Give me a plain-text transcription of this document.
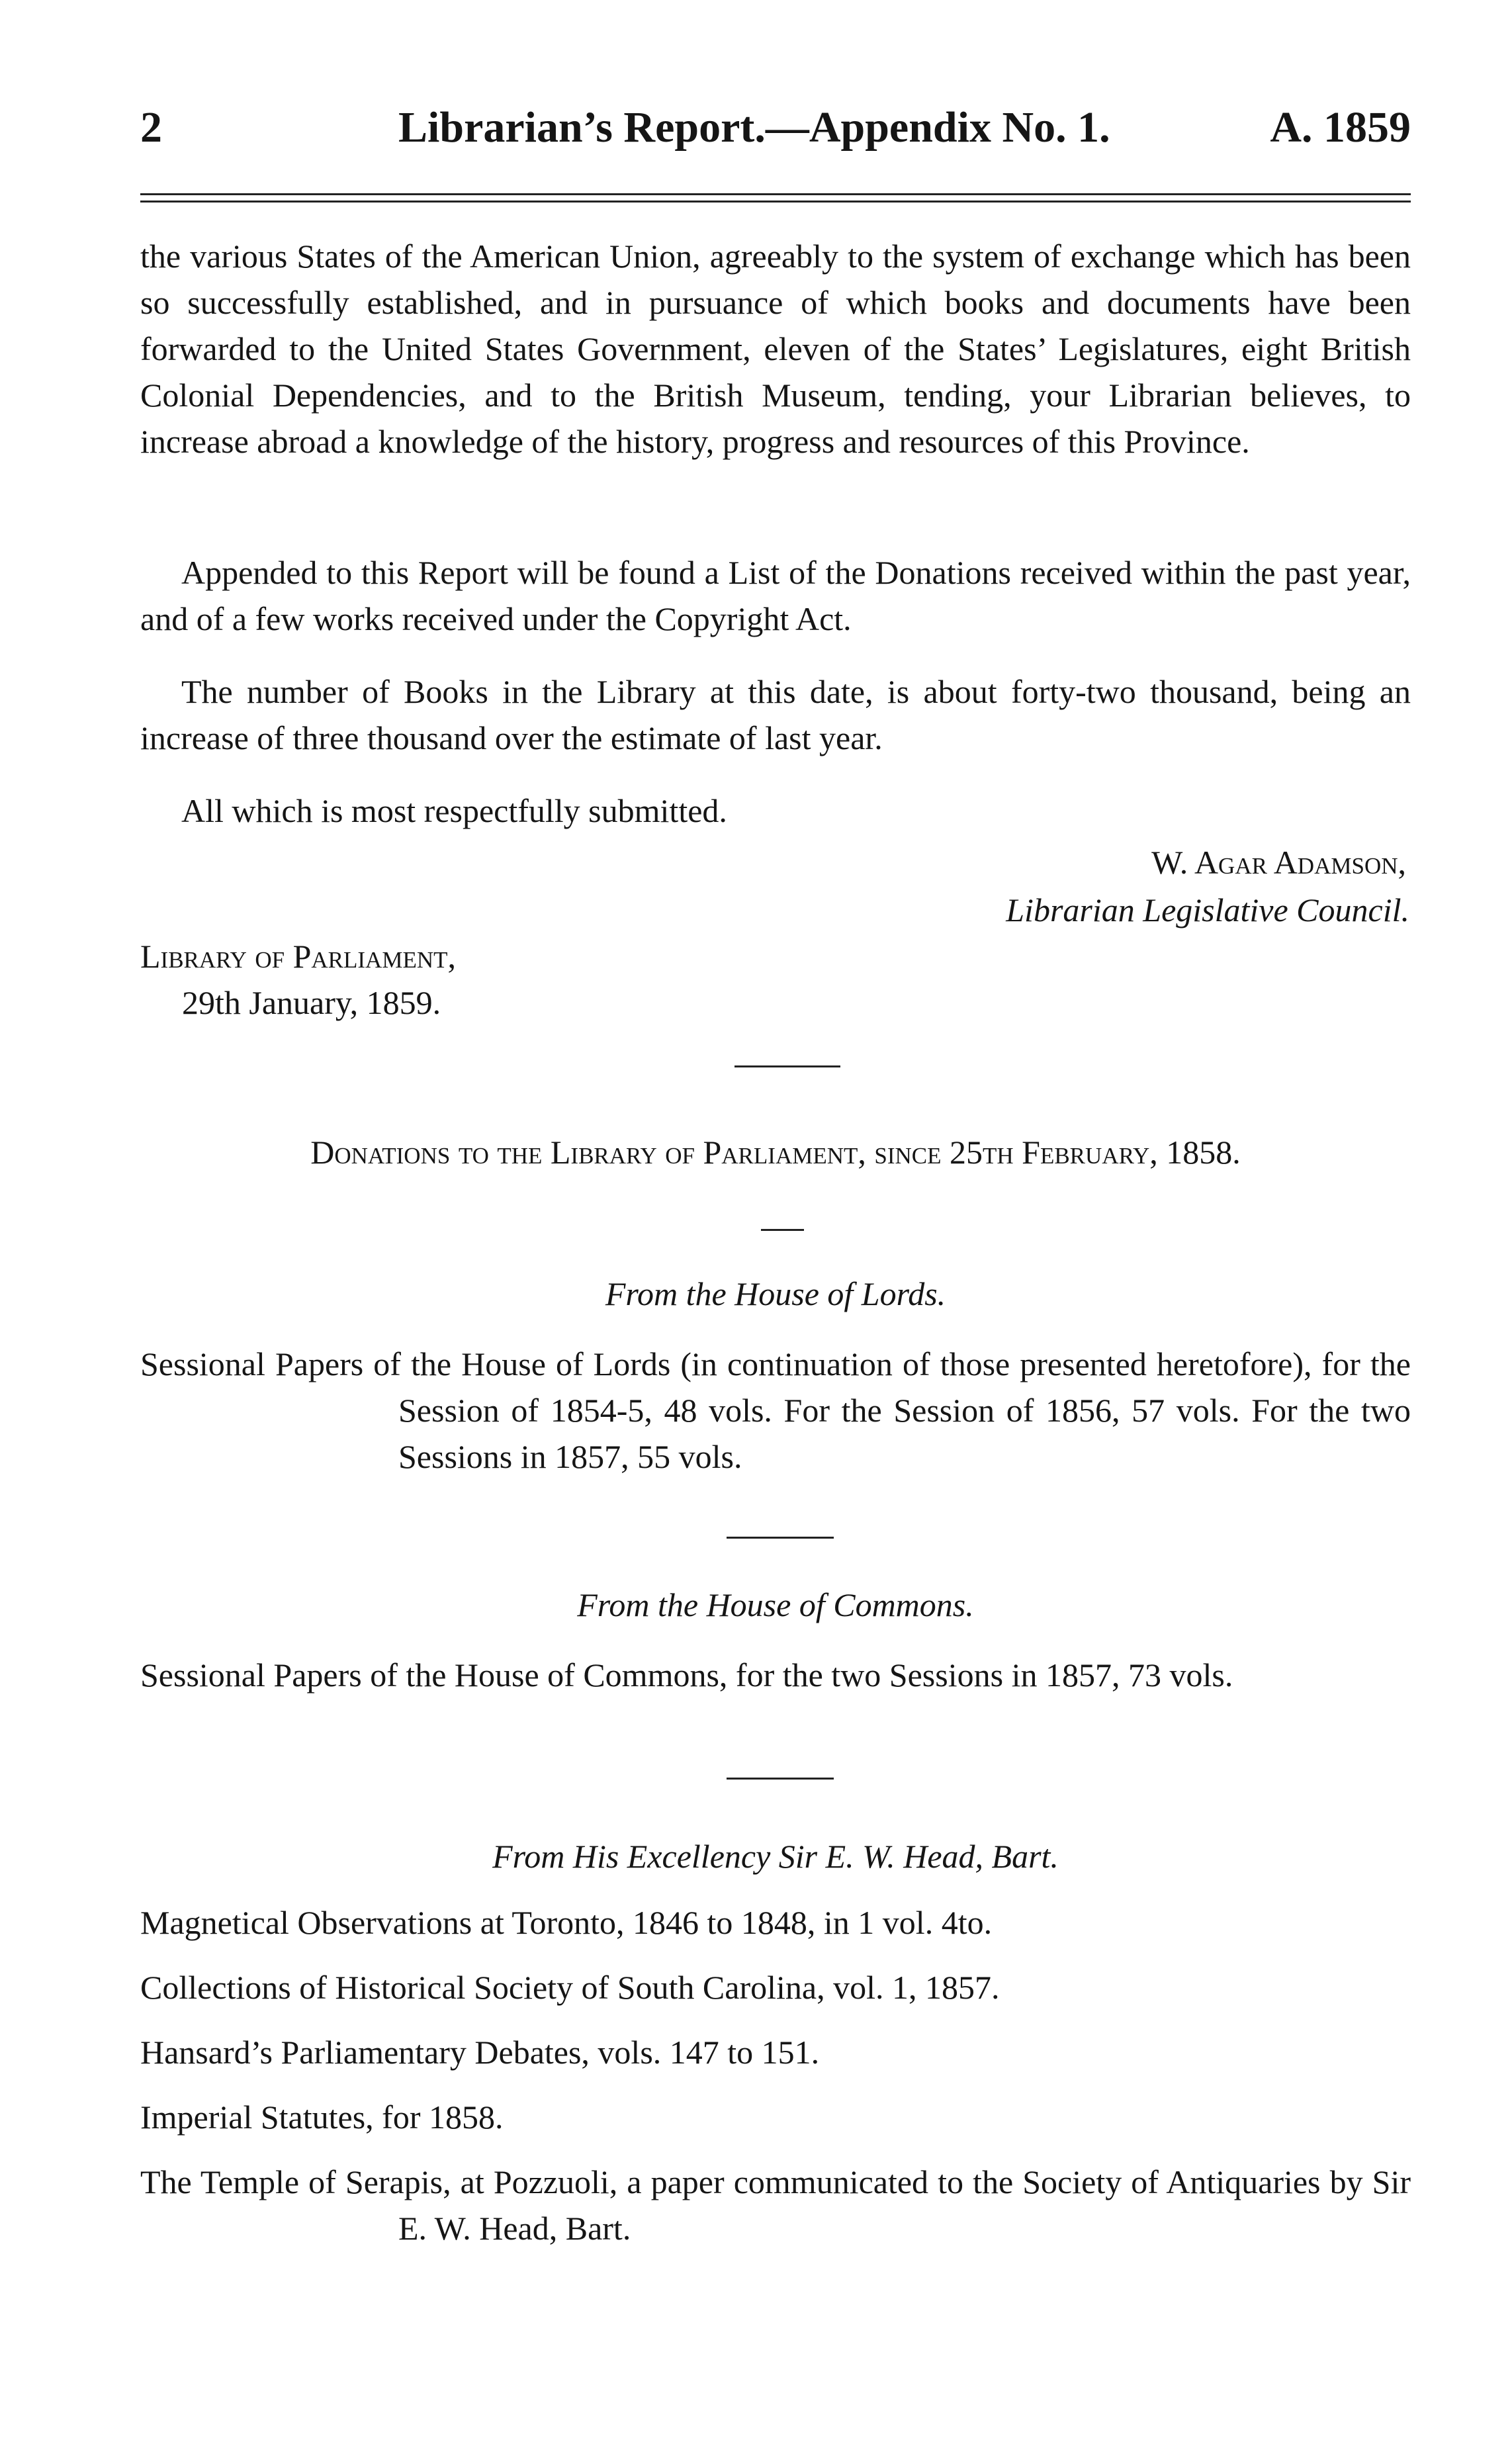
2	Librarian’s Report.—Appendix No. 1.	A. 1859

the various States of the American Union, agreeably to the system of exchange which has been so successfully established, and in pursuance of which books and documents have been forwarded to the United States Government, eleven of the States’ Legislatures, eight British Colonial Dependencies, and to the British Museum, tending, your Librarian believes, to increase abroad a knowledge of the history, progress and resources of this Province.

Appended to this Report will be found a List of the Donations received within the past year, and of a few works received under the Copyright Act.

The number of Books in the Library at this date, is about forty-two thousand, being an increase of three thousand over the estimate of last year.

All which is most respectfully submitted.

W. Agar Adamson,
Librarian Legislative Council.
Library of Parliament,
29th January, 1859.
Donations to the Library of Parliament, since 25th February, 1858.
From the House of Lords.
Sessional Papers of the House of Lords (in continuation of those presented heretofore), for the Session of 1854-5, 48 vols. For the Session of 1856, 57 vols. For the two Sessions in 1857, 55 vols.
From the House of Commons.
Sessional Papers of the House of Commons, for the two Sessions in 1857, 73 vols.
From His Excellency Sir E. W. Head, Bart.
Magnetical Observations at Toronto, 1846 to 1848, in 1 vol. 4to.
Collections of Historical Society of South Carolina, vol. 1, 1857.
Hansard’s Parliamentary Debates, vols. 147 to 151.
Imperial Statutes, for 1858.
The Temple of Serapis, at Pozzuoli, a paper communicated to the Society of Antiquaries by Sir E. W. Head, Bart.
